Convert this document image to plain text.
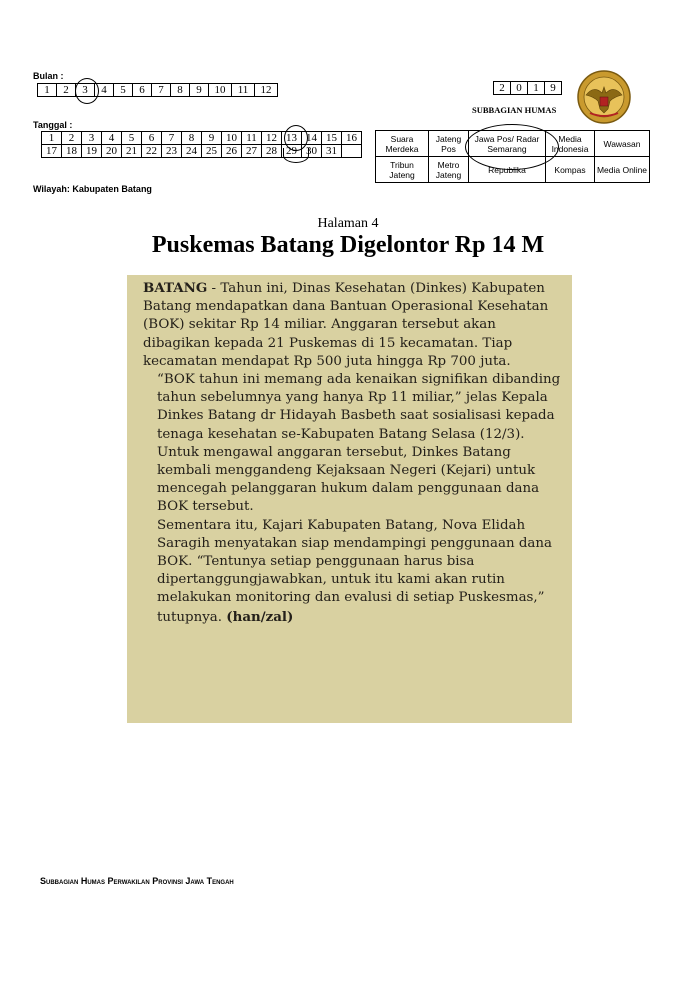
Bulan :
1	2	3	4	5	6	7	8	9	10	11	12	2	0	1	9
SUBBAGIAN HUMAS
Tanggal :
1	2	3	4	5	6	7	8	9	10	11	12	13	14	15	16
17	18	19	20	21	22	23	24	25	26	27	28	29	30	31	
Suara Merdeka	Jateng Pos	Jawa Pos/ Radar Semarang	Media Indonesia	Wawasan
Tribun Jateng	Metro Jateng	Republika	Kompas	Media Online
Wilayah: Kabupaten Batang
Halaman 4
Puskemas Batang Digelontor Rp 14 M

BATANG - Tahun ini, Dinas Kesehatan (Dinkes) Kabupaten Batang mendapatkan dana Bantuan Operasional Kesehatan (BOK) sekitar Rp 14 miliar. Anggaran tersebut akan dibagikan kepada 21 Puskemas di 15 kecamatan. Tiap kecamatan mendapat Rp 500 juta hingga Rp 700 juta.

“BOK tahun ini memang ada kenaikan signifikan dibanding tahun sebelumnya yang hanya Rp 11 miliar,” jelas Kepala Dinkes Batang dr Hidayah Basbeth saat sosialisasi kepada tenaga kesehatan se-Kabupaten Batang Selasa (12/3).

Untuk mengawal anggaran tersebut, Dinkes Batang kembali menggandeng Kejaksaan Negeri (Kejari) untuk mencegah pelanggaran hukum dalam penggunaan dana BOK tersebut.

Sementara itu, Kajari Kabupaten Batang, Nova Elidah Saragih menyatakan siap mendampingi penggunaan dana BOK. “Tentunya setiap penggunaan harus bisa dipertanggungjawabkan, untuk itu kami akan rutin melakukan monitoring dan evalusi di setiap Puskesmas,” tutupnya. (han/zal)

Subbagian Humas Perwakilan Provinsi Jawa Tengah
